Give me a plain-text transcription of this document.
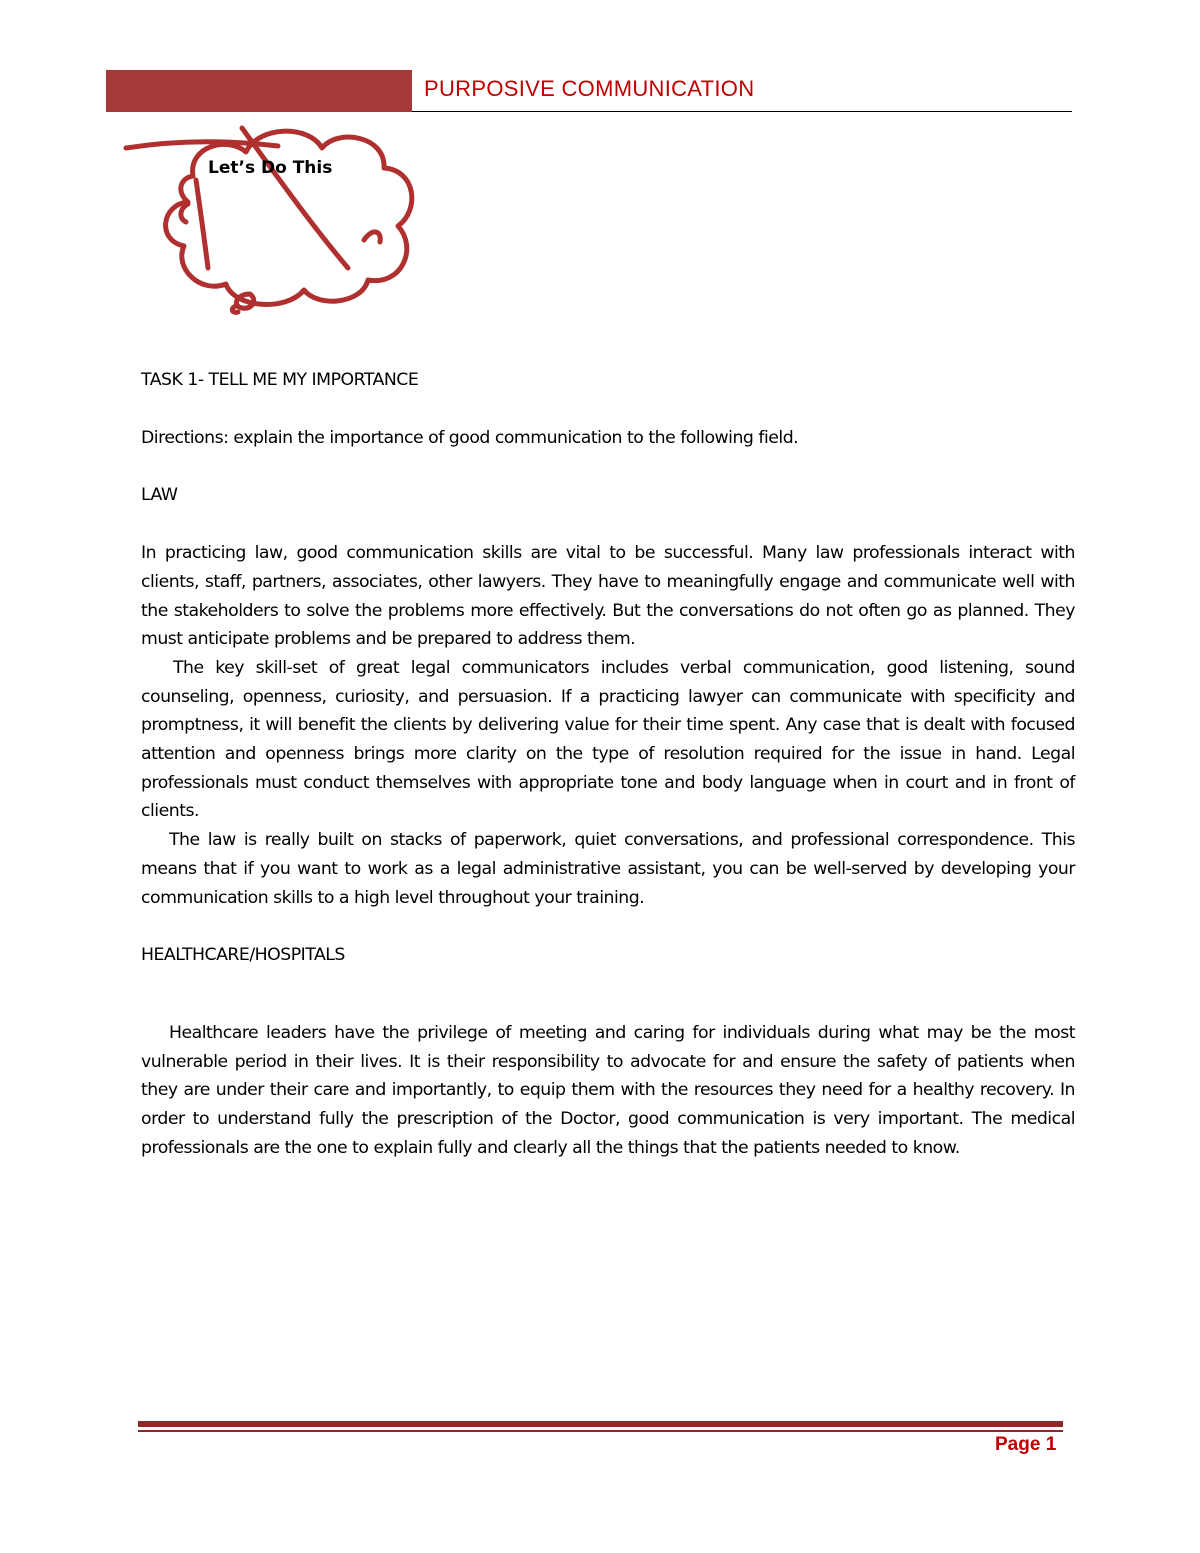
PURPOSIVE COMMUNICATION
Let’s Do This

TASK 1- TELL ME MY IMPORTANCE

Directions: explain the importance of good communication to the following field.

LAW

In practicing law, good communication skills are vital to be successful. Many law professionals interact with clients, staff, partners, associates, other lawyers. They have to meaningfully engage and communicate well with the stakeholders to solve the problems more effectively. But the conversations do not often go as planned. They must anticipate problems and be prepared to address them.

The key skill-set of great legal communicators includes verbal communication, good listening, sound counseling, openness, curiosity, and persuasion. If a practicing lawyer can communicate with specificity and promptness, it will benefit the clients by delivering value for their time spent. Any case that is dealt with focused attention and openness brings more clarity on the type of resolution required for the issue in hand. Legal professionals must conduct themselves with appropriate tone and body language when in court and in front of clients.

The law is really built on stacks of paperwork, quiet conversations, and professional correspondence. This means that if you want to work as a legal administrative assistant, you can be well-served by developing your communication skills to a high level throughout your training.

HEALTHCARE/HOSPITALS

Healthcare leaders have the privilege of meeting and caring for individuals during what may be the most vulnerable period in their lives. It is their responsibility to advocate for and ensure the safety of patients when they are under their care and importantly, to equip them with the resources they need for a healthy recovery. In order to understand fully the prescription of the Doctor, good communication is very important. The medical professionals are the one to explain fully and clearly all the things that the patients needed to know.

Page 1
